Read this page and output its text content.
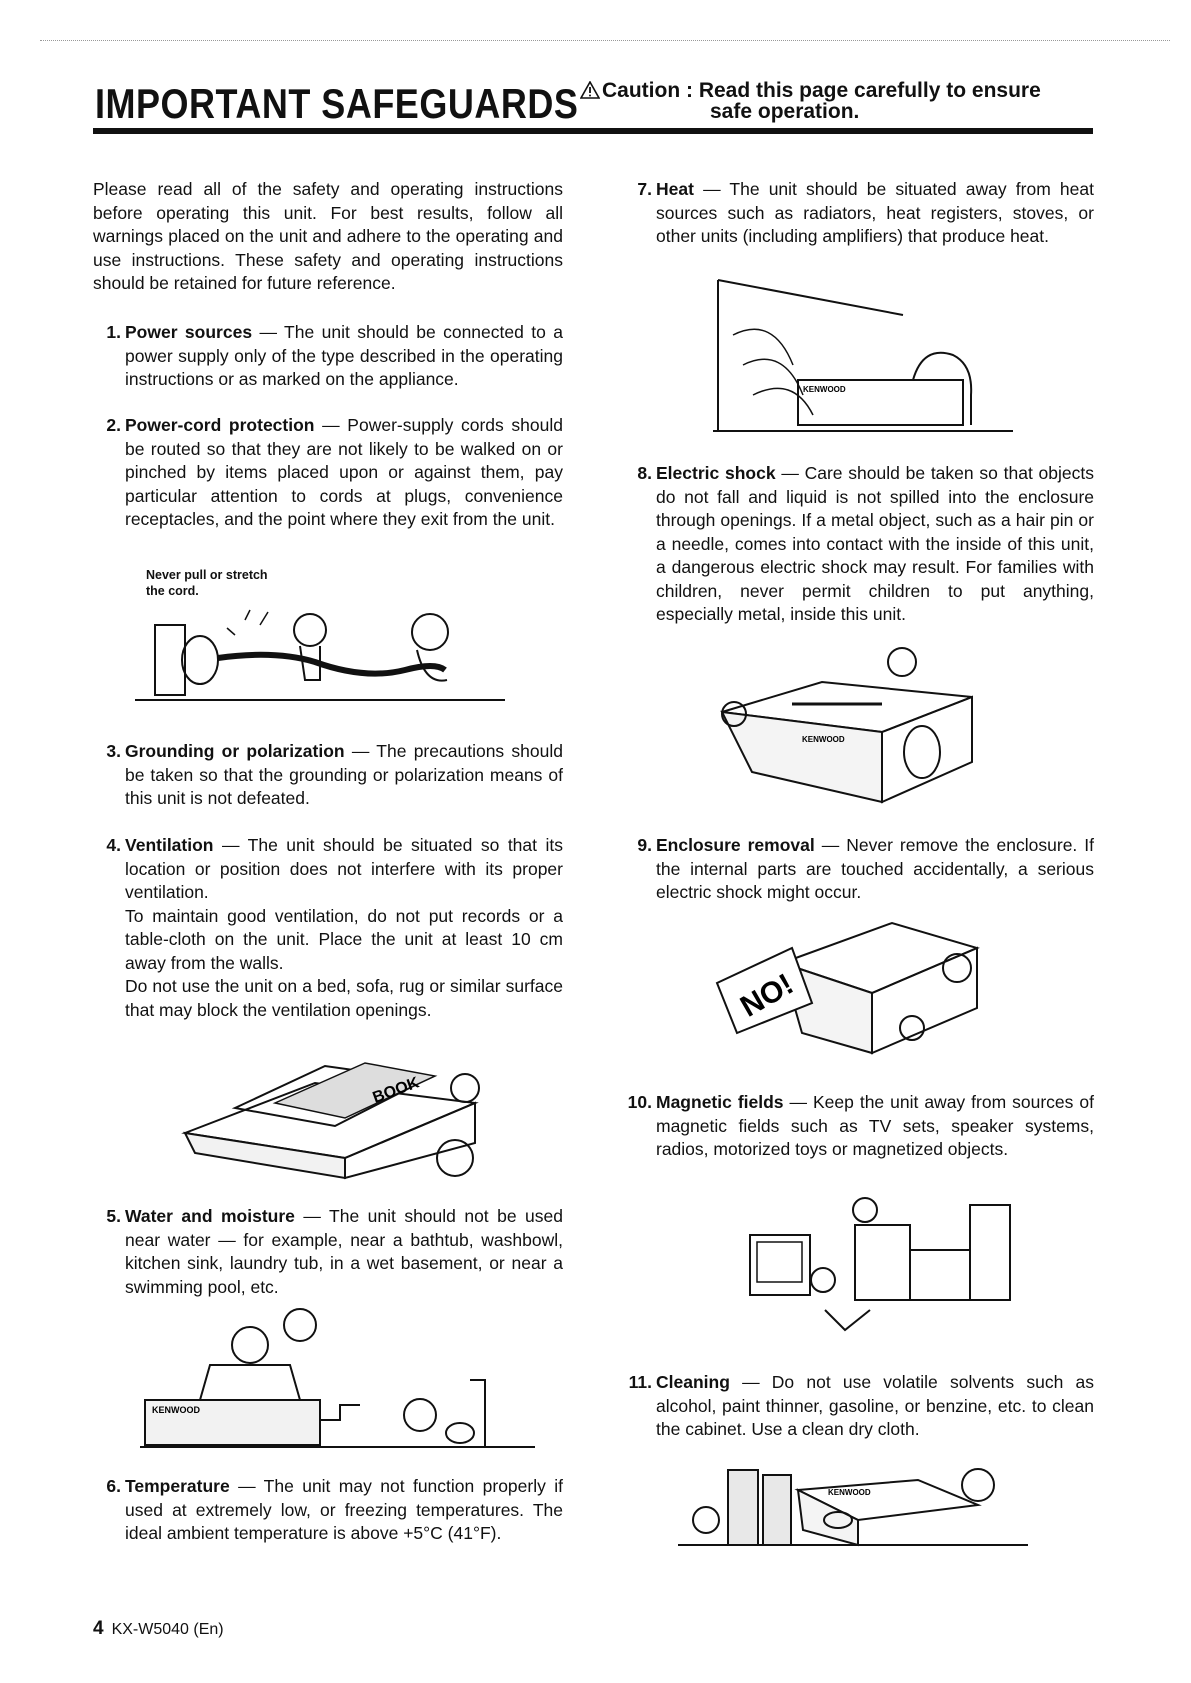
IMPORTANT SAFEGUARDS	Caution : Read this page carefully to ensure
safe operation.
Please read all of the safety and operating instructions before operating this unit. For best results, follow all warnings placed on the unit and adhere to the operating and use instructions. These safety and operating instructions should be retained for future reference.
1. Power sources — The unit should be connected to a power supply only of the type described in the operating instructions or as marked on the appliance.
2. Power-cord protection — Power-supply cords should be routed so that they are not likely to be walked on or pinched by items placed upon or against them, pay particular attention to cords at plugs, convenience receptacles, and the point where they exit from the unit.
Never pull or stretch
the cord.
3. Grounding or polarization — The precautions should be taken so that the grounding or polarization means of this unit is not defeated.
4. Ventilation — The unit should be situated so that its location or position does not interfere with its proper ventilation.
To maintain good ventilation, do not put records or a table-cloth on the unit. Place the unit at least 10 cm away from the walls.
Do not use the unit on a bed, sofa, rug or similar surface that may block the ventilation openings.
BOOK
5. Water and moisture — The unit should not be used near water — for example, near a bathtub, washbowl, kitchen sink, laundry tub, in a wet basement, or near a swimming pool, etc.
KENWOOD
6. Temperature — The unit may not function properly if used at extremely low, or freezing temperatures. The ideal ambient temperature is above +5°C (41°F).
7. Heat — The unit should be situated away from heat sources such as radiators, heat registers, stoves, or other units (including amplifiers) that produce heat.
KENWOOD
8. Electric shock — Care should be taken so that objects do not fall and liquid is not spilled into the enclosure through openings. If a metal object, such as a hair pin or a needle, comes into contact with the inside of this unit, a dangerous electric shock may result. For families with children, never permit children to put anything, especially metal, inside this unit.
KENWOOD
9. Enclosure removal — Never remove the enclosure. If the internal parts are touched accidentally, a serious electric shock might occur.
NO!
10. Magnetic fields — Keep the unit away from sources of magnetic fields such as TV sets, speaker systems, radios, motorized toys or magnetized objects.
11. Cleaning — Do not use volatile solvents such as alcohol, paint thinner, gasoline, or benzine, etc. to clean the cabinet. Use a clean dry cloth.
KENWOOD
4 KX-W5040 (En)
